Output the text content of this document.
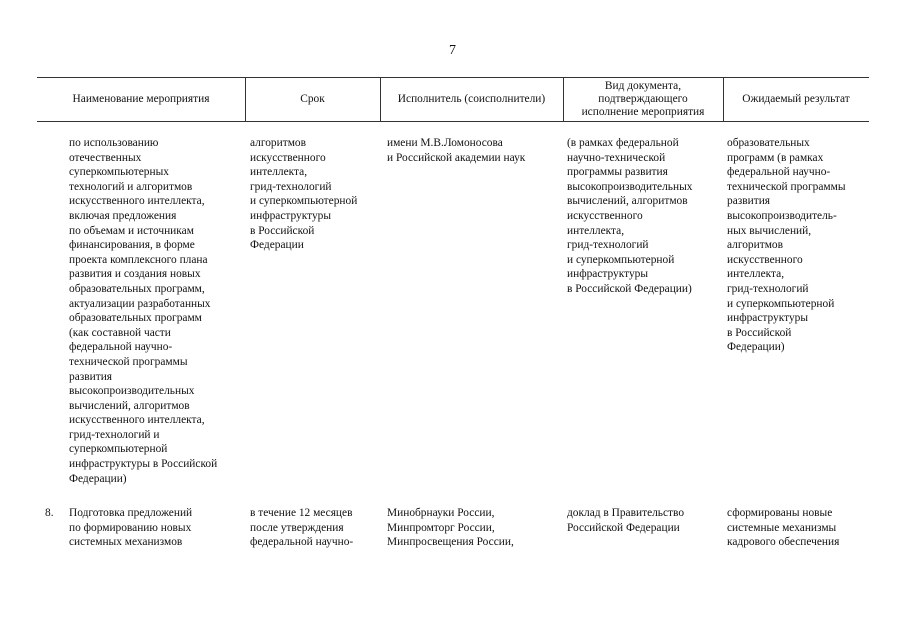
7
Наименование мероприятия	Срок	Исполнитель (соисполнители)
Вид документа,
подтверждающего
исполнение мероприятия
Ожидаемый результат
по использованию
отечественных
суперкомпьютерных
технологий и алгоритмов
искусственного интеллекта,
включая предложения
по объемам и источникам
финансирования, в форме
проекта комплексного плана
развития и создания новых
образовательных программ,
актуализации разработанных
образовательных программ
(как составной части
федеральной научно-
технической программы
развития
высокопроизводительных
вычислений, алгоритмов
искусственного интеллекта,
грид-технологий и
суперкомпьютерной
инфраструктуры в Российской
Федерации)
алгоритмов
искусственного
интеллекта,
грид-технологий
и суперкомпьютерной
инфраструктуры
в Российской
Федерации
имени М.В.Ломоносова
и Российской академии наук
(в рамках федеральной
научно-технической
программы развития
высокопроизводительных
вычислений, алгоритмов
искусственного
интеллекта,
грид-технологий
и суперкомпьютерной
инфраструктуры
в Российской Федерации)
образовательных
программ (в рамках
федеральной научно-
технической программы
развития
высокопроизводитель-
ных вычислений,
алгоритмов
искусственного
интеллекта,
грид-технологий
и суперкомпьютерной
инфраструктуры
в Российской
Федерации)
8. Подготовка предложений
по формированию новых
системных механизмов
в течение 12 месяцев
после утверждения
федеральной научно-
Минобрнауки России,
Минпромторг России,
Минпросвещения России,
доклад в Правительство
Российской Федерации
сформированы новые
системные механизмы
кадрового обеспечения
